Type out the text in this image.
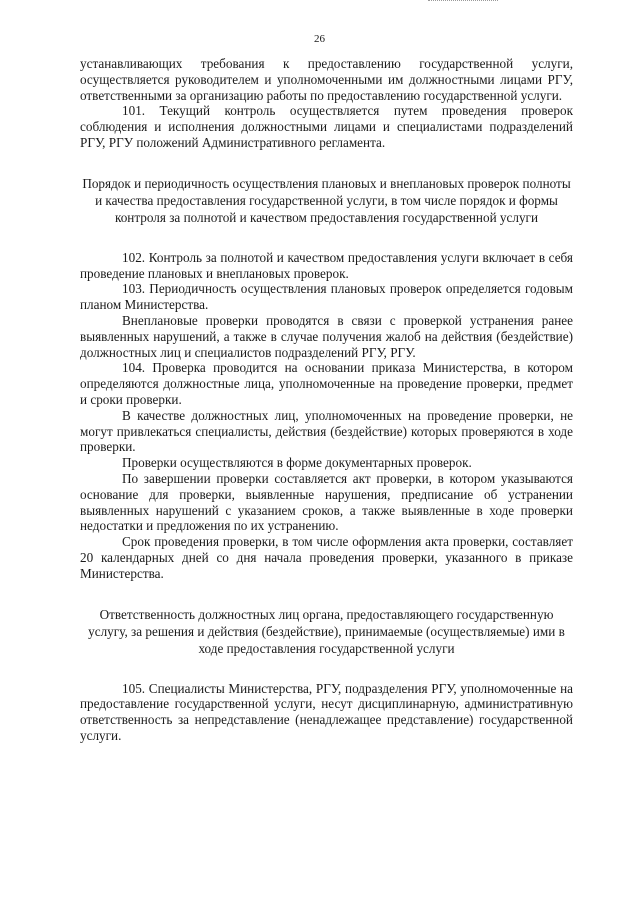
26

устанавливающих требования к предоставлению государственной услуги, осуществляется руководителем и уполномоченными им должностными лицами РГУ, ответственными за организацию работы по предоставлению государственной услуги.

101. Текущий контроль осуществляется путем проведения проверок соблюдения и исполнения должностными лицами и специалистами подразделений РГУ, РГУ положений Административного регламента.

Порядок и периодичность осуществления плановых и внеплановых проверок полноты и качества предоставления государственной услуги, в том числе порядок и формы контроля за полнотой и качеством предоставления государственной услуги

102. Контроль за полнотой и качеством предоставления услуги включает в себя проведение плановых и внеплановых проверок.

103. Периодичность осуществления плановых проверок определяется годовым планом Министерства.

Внеплановые проверки проводятся в связи с проверкой устранения ранее выявленных нарушений, а также в случае получения жалоб на действия (бездействие) должностных лиц и специалистов подразделений РГУ, РГУ.

104. Проверка проводится на основании приказа Министерства, в котором определяются должностные лица, уполномоченные на проведение проверки, предмет и сроки проверки.

В качестве должностных лиц, уполномоченных на проведение проверки, не могут привлекаться специалисты, действия (бездействие) которых проверяются в ходе проверки.

Проверки осуществляются в форме документарных проверок.

По завершении проверки составляется акт проверки, в котором указываются основание для проверки, выявленные нарушения, предписание об устранении выявленных нарушений с указанием сроков, а также выявленные в ходе проверки недостатки и предложения по их устранению.

Срок проведения проверки, в том числе оформления акта проверки, составляет 20 календарных дней со дня начала проведения проверки, указанного в приказе Министерства.

Ответственность должностных лиц органа, предоставляющего государственную услугу, за решения и действия (бездействие), принимаемые (осуществляемые) ими в ходе предоставления государственной услуги

105. Специалисты Министерства, РГУ, подразделения РГУ, уполномоченные на предоставление государственной услуги, несут дисциплинарную, административную ответственность за непредставление (ненадлежащее представление) государственной услуги.
